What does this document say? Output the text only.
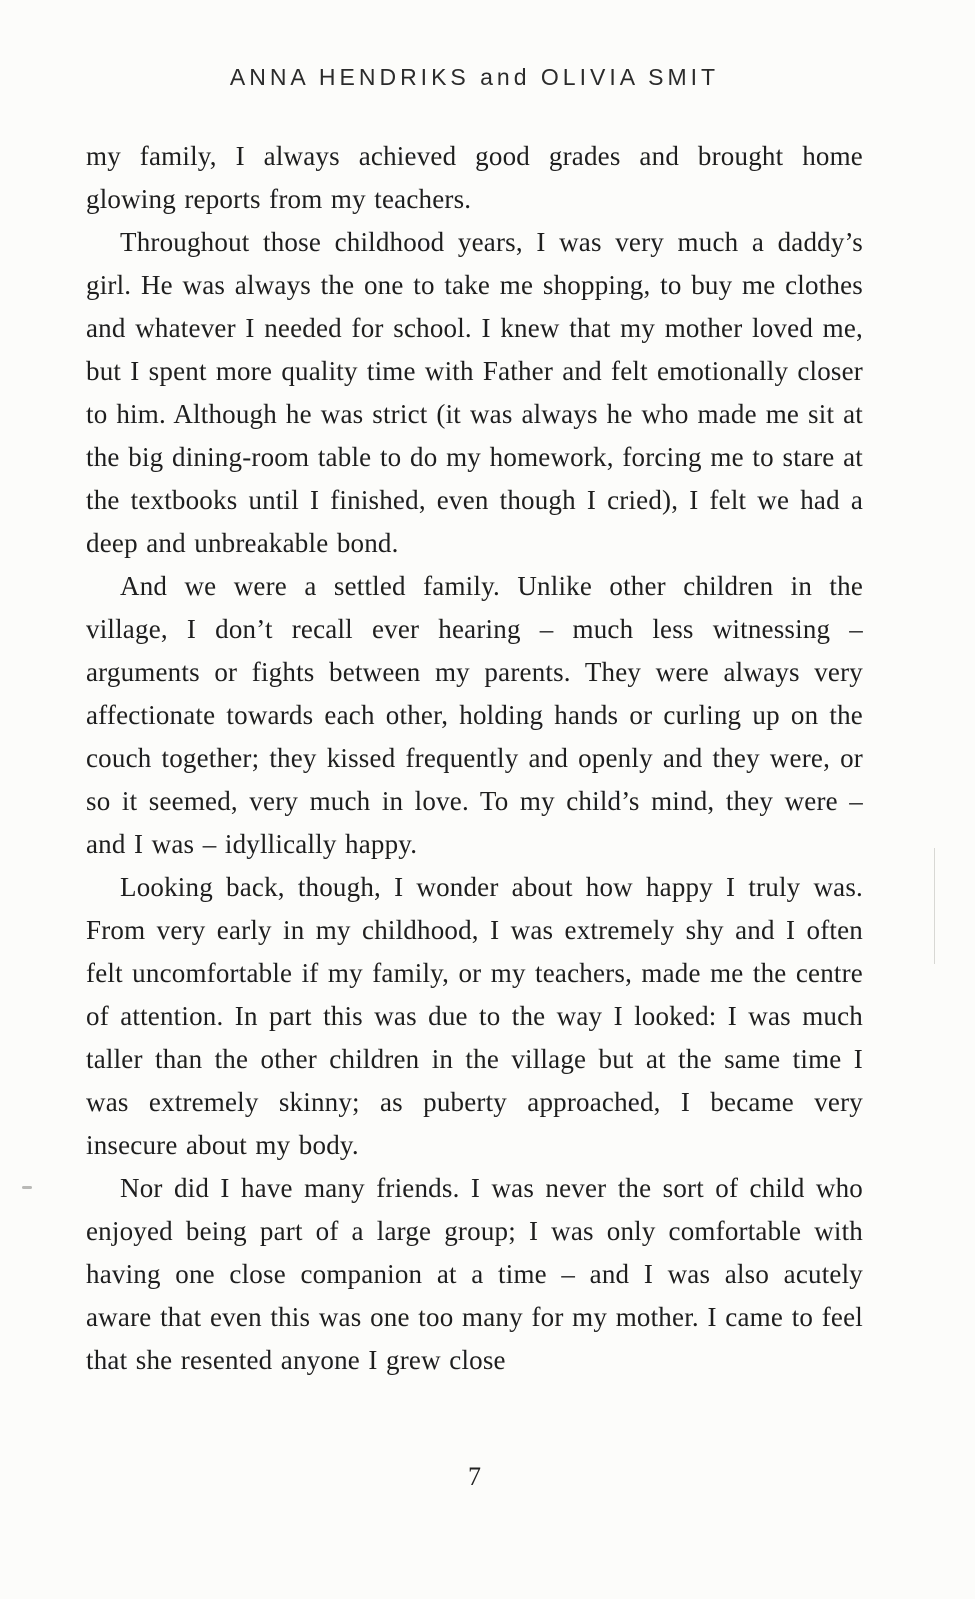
ANNA HENDRIKS and OLIVIA SMIT

my family, I always achieved good grades and brought home glowing reports from my teachers.

Throughout those childhood years, I was very much a daddy’s girl. He was always the one to take me shopping, to buy me clothes and whatever I needed for school. I knew that my mother loved me, but I spent more quality time with Father and felt emotionally closer to him. Although he was strict (it was always he who made me sit at the big dining-room table to do my homework, forcing me to stare at the textbooks until I finished, even though I cried), I felt we had a deep and unbreakable bond.

And we were a settled family. Unlike other children in the village, I don’t recall ever hearing – much less witnessing – arguments or fights between my parents. They were always very affectionate towards each other, holding hands or curling up on the couch together; they kissed frequently and openly and they were, or so it seemed, very much in love. To my child’s mind, they were – and I was – idyllically happy.

Looking back, though, I wonder about how happy I truly was. From very early in my childhood, I was extremely shy and I often felt uncomfortable if my family, or my teachers, made me the centre of attention. In part this was due to the way I looked: I was much taller than the other children in the village but at the same time I was extremely skinny; as puberty approached, I became very insecure about my body.

Nor did I have many friends. I was never the sort of child who enjoyed being part of a large group; I was only comfortable with having one close companion at a time – and I was also acutely aware that even this was one too many for my mother. I came to feel that she resented anyone I grew close

7
